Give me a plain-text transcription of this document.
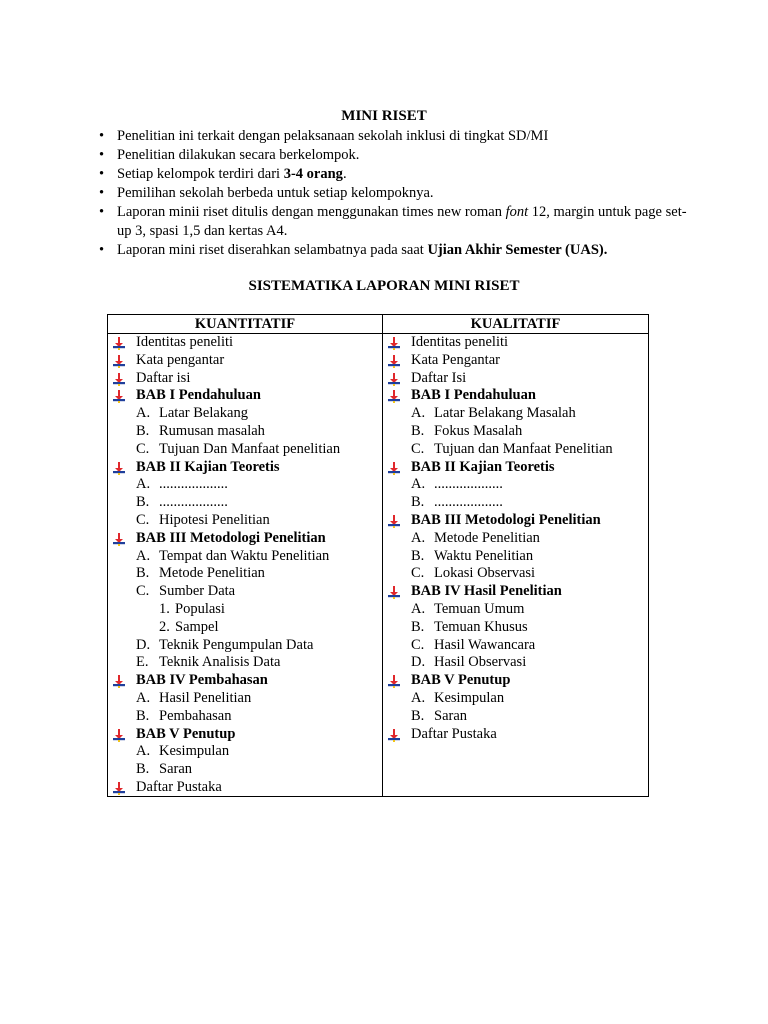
MINI RISET
• Penelitian ini terkait dengan pelaksanaan sekolah inklusi di tingkat SD/MI
• Penelitian dilakukan secara berkelompok.
• Setiap kelompok terdiri dari 3-4 orang.
• Pemilihan sekolah berbeda untuk setiap kelompoknya.
• Laporan minii riset ditulis dengan menggunakan times new roman font 12, margin untuk page set-up 3, spasi 1,5 dan kertas A4.
• Laporan mini riset diserahkan selambatnya pada saat Ujian Akhir Semester (UAS).
SISTEMATIKA LAPORAN MINI RISET
KUANTITATIF
Identitas peneliti
Kata pengantar
Daftar isi
BAB I Pendahuluan
A. Latar Belakang
B. Rumusan masalah
C. Tujuan Dan Manfaat penelitian
BAB II Kajian Teoretis
A. ...................
B. ...................
C. Hipotesi Penelitian
BAB III Metodologi Penelitian
A. Tempat dan Waktu Penelitian
B. Metode Penelitian
C. Sumber Data
1. Populasi
2. Sampel
D. Teknik Pengumpulan Data
E. Teknik Analisis Data
BAB IV Pembahasan
A. Hasil Penelitian
B. Pembahasan
BAB V Penutup
A. Kesimpulan
B. Saran
Daftar Pustaka
KUALITATIF
Identitas peneliti
Kata Pengantar
Daftar Isi
BAB I Pendahuluan
A. Latar Belakang Masalah
B. Fokus Masalah
C. Tujuan dan Manfaat Penelitian
BAB II Kajian Teoretis
A. ...................
B. ...................
BAB III Metodologi Penelitian
A. Metode Penelitian
B. Waktu Penelitian
C. Lokasi Observasi
BAB IV Hasil Penelitian
A. Temuan Umum
B. Temuan Khusus
C. Hasil Wawancara
D. Hasil Observasi
BAB V Penutup
A. Kesimpulan
B. Saran
Daftar Pustaka
